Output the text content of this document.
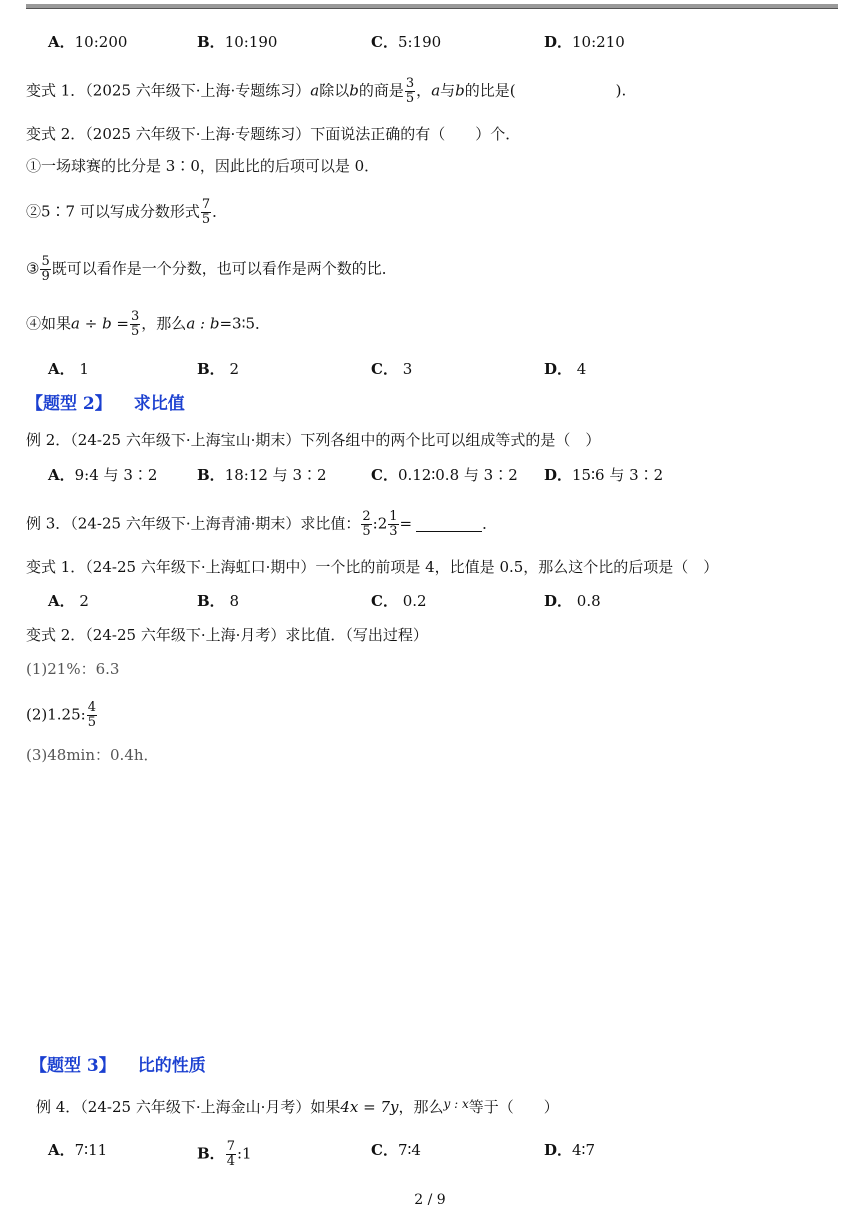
A．10:200	B．10:190	C．5:190	D．10:210
变式 1．（2025 六年级下·上海·专题练习）a除以b的商是 $\frac{3}{5}$ ，a与b的比是(	).
变式 2．（2025 六年级下·上海·专题练习）下面说法正确的有（　　）个．
①一场球赛的比分是 3∶0，因此比的后项可以是 0．
②5∶7 可以写成分数形式 $\frac{7}{5}$ ．
③ $\frac{5}{9}$ 既可以看作是一个分数，也可以看作是两个数的比．
④如果$a \div b = \frac{3}{5}$ ，那么a : b=3∶5．
A． 1	B． 2	C． 3	D． 4
【题型 2】 求比值
例 2．（24-25 六年级下·上海宝山·期末）下列各组中的两个比可以组成等式的是（　）
A．9:4 与 3∶2	B．18:12 与 3∶2	C．0.12∶0.8 与 3∶2 D．15∶6 与 3∶2
例 3．（24-25 六年级下·上海青浦·期末）求比值： $\frac{2}{5}$ :2 $\frac{1}{3}$ =	．
变式 1．（24-25 六年级下·上海虹口·期中）一个比的前项是 4，比值是 0.5，那么这个比的后项是（　）
A． 2	B． 8	C． 0.2	D． 0.8
变式 2．（24-25 六年级下·上海·月考）求比值．（写出过程）
(1)21%：6.3
(2)1.25: $\frac{4}{5}$
(3)48min：0.4h．
【题型 3】 比的性质
例 4．（24-25 六年级下·上海金山·月考）如果4x = 7y，那么$^{y : x}$等于（　　）
A．7∶11	B． $\frac{7}{4}$ :1	C．7∶4	D．4∶7
2 / 9
